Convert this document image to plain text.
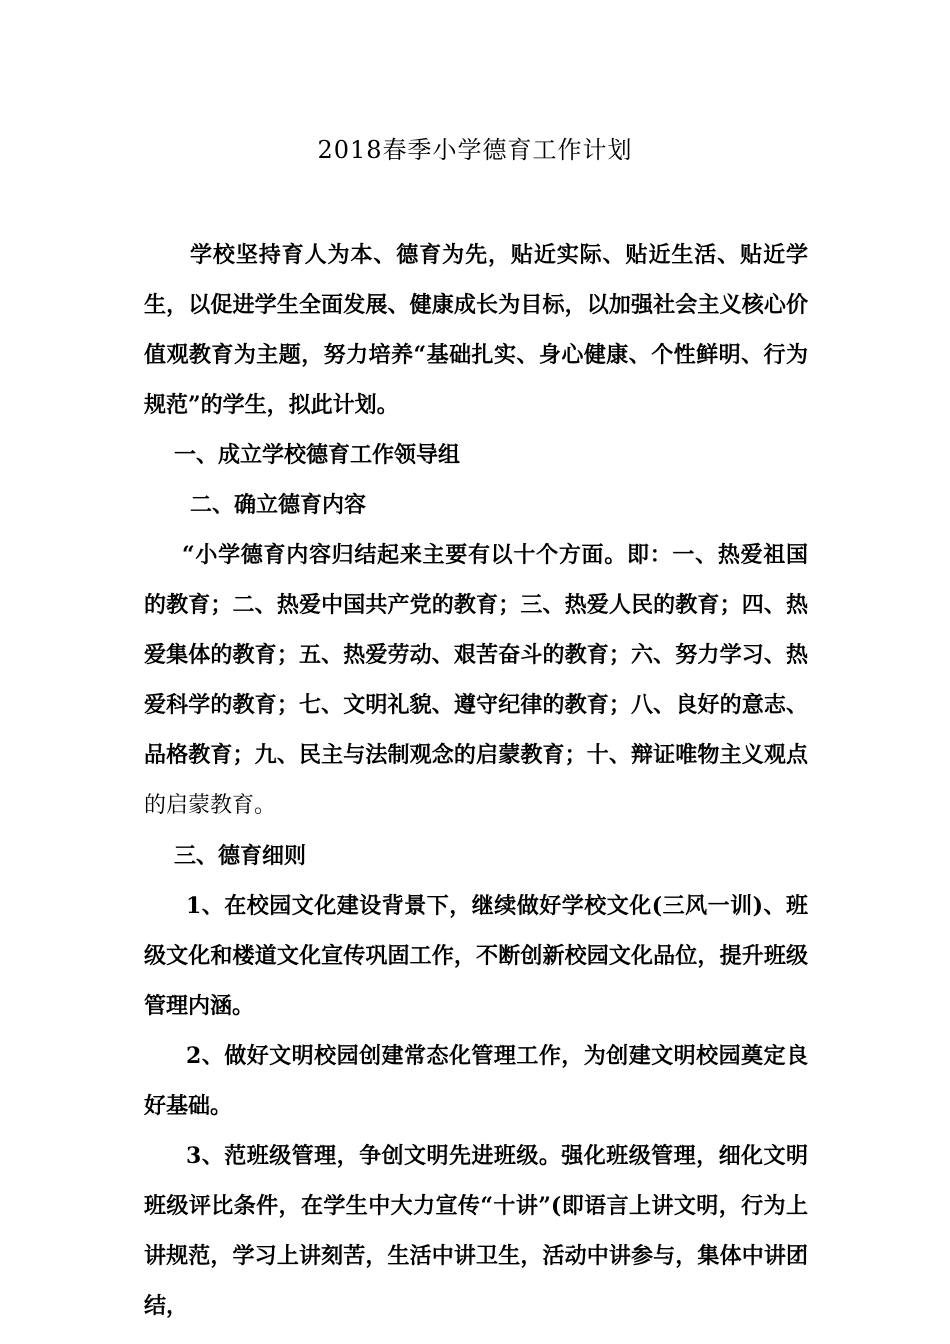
2018春季小学德育工作计划

学校坚持育人为本、德育为先，贴近实际、贴近生活、贴近学生，以促进学生全面发展、健康成长为目标，以加强社会主义核心价值观教育为主题，努力培养“基础扎实、身心健康、个性鲜明、行为规范”的学生，拟此计划。

一、成立学校德育工作领导组

二、确立德育内容

“小学德育内容归结起来主要有以十个方面。即：一、热爱祖国的教育；二、热爱中国共产党的教育；三、热爱人民的教育；四、热爱集体的教育；五、热爱劳动、艰苦奋斗的教育；六、努力学习、热爱科学的教育；七、文明礼貌、遵守纪律的教育；八、良好的意志、品格教育；九、民主与法制观念的启蒙教育；十、辩证唯物主义观点的启蒙教育。

三、德育细则

1、在校园文化建设背景下，继续做好学校文化(三风一训)、班级文化和楼道文化宣传巩固工作，不断创新校园文化品位，提升班级管理内涵。

2、做好文明校园创建常态化管理工作，为创建文明校园奠定良好基础。

3、范班级管理，争创文明先进班级。强化班级管理，细化文明班级评比条件，在学生中大力宣传“十讲”(即语言上讲文明，行为上讲规范，学习上讲刻苦，生活中讲卫生，活动中讲参与，集体中讲团结，
